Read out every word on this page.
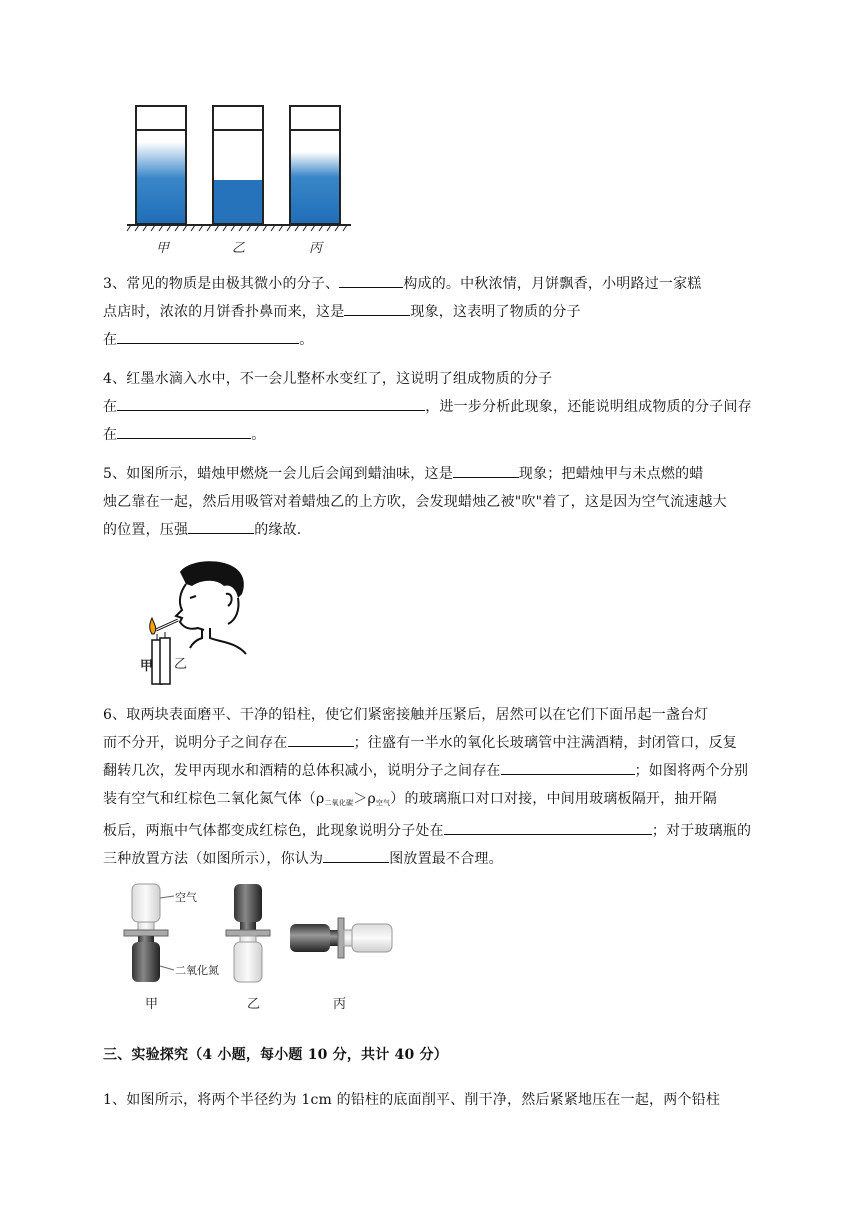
甲	乙	丙
3、常见的物质是由极其微小的分子、	构成的。中秋浓情，月饼飘香，小明路过一家糕
点店时，浓浓的月饼香扑鼻而来，这是	现象，这表明了物质的分子
在	。
4、红墨水滴入水中，不一会儿整杯水变红了，这说明了组成物质的分子
在	，进一步分析此现象，还能说明组成物质的分子间存
在	。
5、如图所示，蜡烛甲燃烧一会儿后会闻到蜡油味，这是	现象；把蜡烛甲与未点燃的蜡
烛乙靠在一起，然后用吸管对着蜡烛乙的上方吹，会发现蜡烛乙被"吹"着了，这是因为空气流速越大
的位置，压强	的缘故.
甲 乙
6、取两块表面磨平、干净的铅柱，使它们紧密接触并压紧后，居然可以在它们下面吊起一盏台灯
而不分开，说明分子之间存在	；往盛有一半水的氧化长玻璃管中注满酒精，封闭管口，反复
翻转几次，发甲丙现水和酒精的总体积减小，说明分子之间存在	；如图将两个分别
装有空气和红棕色二氧化氮气体$(\rho_{二氧化碳}>\rho_{空气})$的玻璃瓶口对口对接，中间用玻璃板隔开，抽开隔
板后，两瓶中气体都变成红棕色，此现象说明分子处在	；对于玻璃瓶的
三种放置方法（如图所示），你认为	图放置最不合理。
空气
二氧化氮
甲	乙	丙
三、实验探究（4 小题，每小题 10 分，共计 40 分）
1、如图所示，将两个半径约为 1cm 的铅柱的底面削平、削干净，然后紧紧地压在一起，两个铅柱
